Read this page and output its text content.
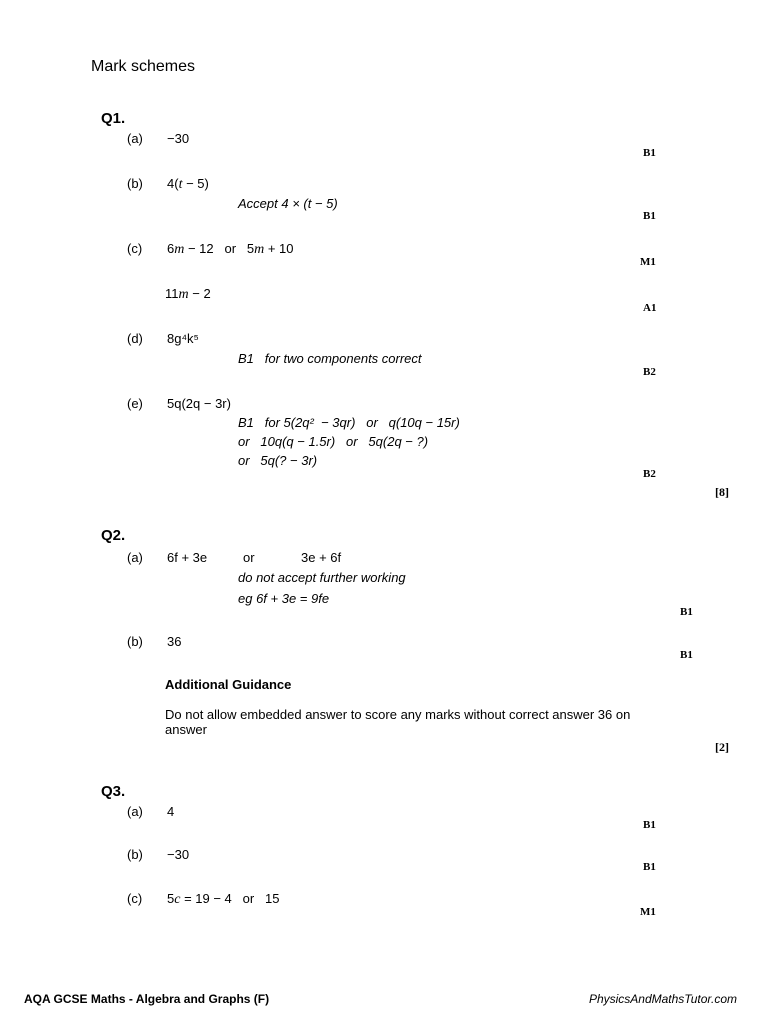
Mark schemes
Q1.
(a) −30
B1
(b) 4(t − 5)
Accept 4 × (t − 5)
B1
(c) 6m − 12   or   5m + 10
M1
11m − 2
A1
(d) 8g⁴k⁵
B1   for two components correct
B2
(e) 5q(2q − 3r)
B1   for 5(2q²  − 3qr)   or   q(10q − 15r)
or   10q(q − 1.5r)   or   5q(2q − ?)
or   5q(? − 3r)
B2
[8]
Q2.
(a) 6f + 3e	or	3e + 6f
do not accept further working
eg 6f + 3e = 9fe
B1
(b) 36
B1
Additional Guidance
Do not allow embedded answer to score any marks without correct answer 36 on answer
[2]
Q3.
(a) 4
B1
(b) −30
B1
(c) 5c = 19 − 4   or   15
M1
AQA GCSE Maths - Algebra and Graphs (F)	PhysicsAndMathsTutor.com
